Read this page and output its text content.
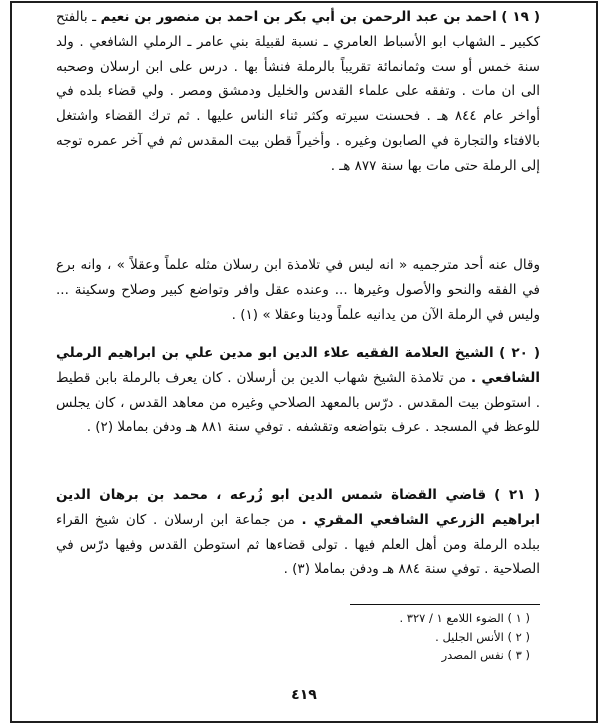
( ١٩ ) احمد بن عبد الرحمن بن أبي بكر بن احمد بن منصور بن نعيم ـ بالفتح ككبير ـ الشهاب ابو الأسباط العامري ـ نسبة لقبيلة بني عامر ـ الرملي الشافعي . ولد سنة خمس أو ست وثمانمائة تقريباً بالرملة فنشأ بها . درس على ابن ارسلان وصحبه الى ان مات . وتفقه على علماء القدس والخليل ودمشق ومصر . ولي قضاء بلده في أواخر عام ٨٤٤ هـ . فحسنت سيرته وكثر ثناء الناس عليها . ثم ترك القضاء واشتغل بالافتاء والتجارة في الصابون وغيره . وأخيراً قطن بيت المقدس ثم في آخر عمره توجه إلى الرملة حتى مات بها سنة ٨٧٧ هـ .

وقال عنه أحد مترجميه « انه ليس في تلامذة ابن رسلان مثله علماً وعقلاً » ، وانه برع في الفقه والنحو والأصول وغيرها ... وعنده عقل وافر وتواضع كبير وصلاح وسكينة ... وليس في الرملة الآن من يدانيه علماً ودينا وعقلا » (١) .

( ٢٠ ) الشيخ العلامة الفقيه علاء الدين ابو مدين علي بن ابراهيم الرملي الشافعي . من تلامذة الشيخ شهاب الدين بن أرسلان . كان يعرف بالرملة بابن قطيط . استوطن بيت المقدس . درّس بالمعهد الصلاحي وغيره من معاهد القدس ، كان يجلس للوعظ في المسجد . عرف بتواضعه وتقشفه . توفي سنة ٨٨١ هـ ودفن بماملا (٢) .

( ٢١ ) قاضي القضاة شمس الدين ابو زُرعه ، محمد بن برهان الدين ابراهيم الزرعي الشافعي المقري . من جماعة ابن ارسلان . كان شيخ القراء ببلده الرملة ومن أهل العلم فيها . تولى قضاءها ثم استوطن القدس وفيها درّس في الصلاحية . توفي سنة ٨٨٤ هـ ودفن بماملا (٣) .

( ١ ) الضوء اللامع ١ / ٣٢٧ .
( ٢ ) الأنس الجليل .
( ٣ ) نفس المصدر
٤١٩
